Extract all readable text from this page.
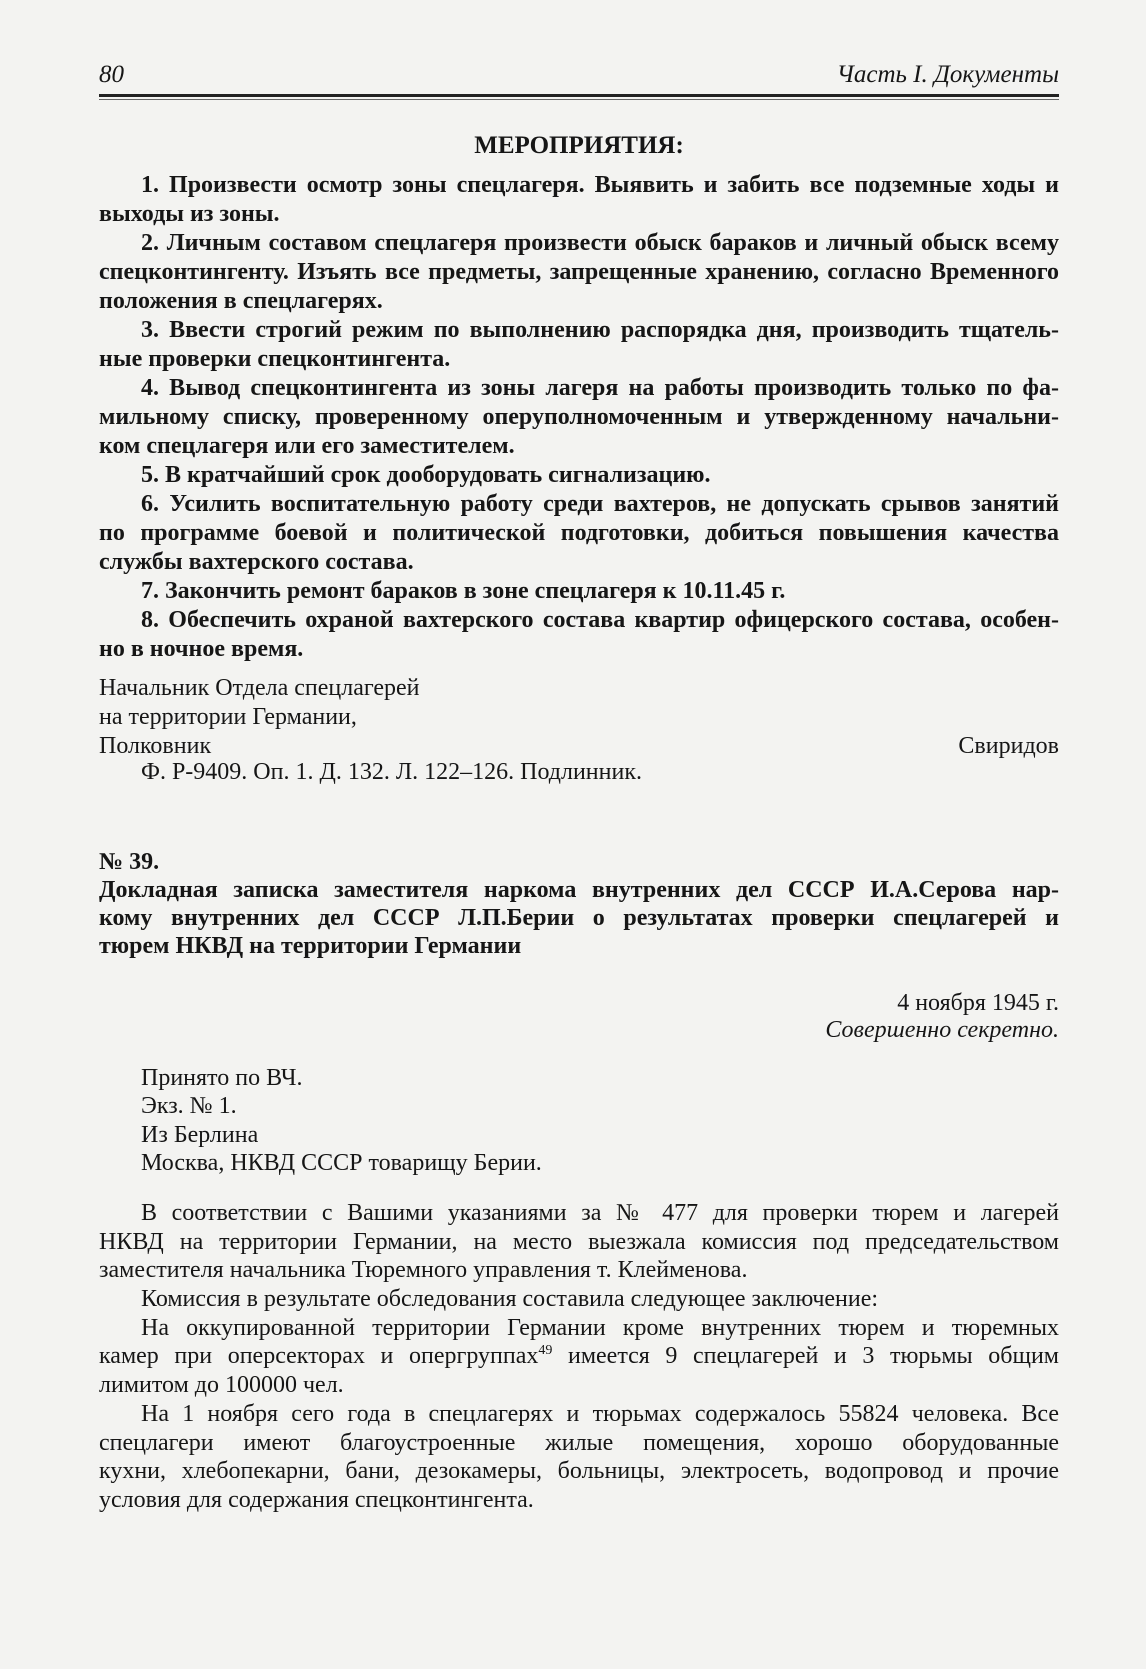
80	Часть I. Документы
МЕРОПРИЯТИЯ:
1. Произвести осмотр зоны спецлагеря. Выявить и забить все подземные ходы и
выходы из зоны.
2. Личным составом спецлагеря произвести обыск бараков и личный обыск всему
спецконтингенту. Изъять все предметы, запрещенные хранению, согласно Временного
положения в спецлагерях.
3. Ввести строгий режим по выполнению распорядка дня, производить тщатель-
ные проверки спецконтингента.
4. Вывод спецконтингента из зоны лагеря на работы производить только по фа-
мильному списку, проверенному оперуполномоченным и утвержденному начальни-
ком спецлагеря или его заместителем.
5. В кратчайший срок дооборудовать сигнализацию.
6. Усилить воспитательную работу среди вахтеров, не допускать срывов занятий
по программе боевой и политической подготовки, добиться повышения качества
службы вахтерского состава.
7. Закончить ремонт бараков в зоне спецлагеря к 10.11.45 г.
8. Обеспечить охраной вахтерского состава квартир офицерского состава, особен-
но в ночное время.
Начальник Отдела спецлагерей
на территории Германии,
Полковник	Свиридов
Ф. Р-9409. Оп. 1. Д. 132. Л. 122–126. Подлинник.
№ 39.
Докладная записка заместителя наркома внутренних дел СССР И.А.Серова нар-
кому внутренних дел СССР Л.П.Берии о результатах проверки спецлагерей и
тюрем НКВД на территории Германии
4 ноября 1945 г.
Совершенно секретно.
Принято по ВЧ.
Экз. № 1.
Из Берлина
Москва, НКВД СССР товарищу Берии.
В соответствии с Вашими указаниями за № 477 для проверки тюрем и лагерей
НКВД на территории Германии, на место выезжала комиссия под председательством
заместителя начальника Тюремного управления т. Клейменова.
Комиссия в результате обследования составила следующее заключение:
На оккупированной территории Германии кроме внутренних тюрем и тюремных
камер при оперсекторах и опергруппах$^{49}$ имеется 9 спецлагерей и 3 тюрьмы общим
лимитом до 100000 чел.
На 1 ноября сего года в спецлагерях и тюрьмах содержалось 55824 человека. Все
спецлагери имеют благоустроенные жилые помещения, хорошо оборудованные
кухни, хлебопекарни, бани, дезокамеры, больницы, электросеть, водопровод и прочие
условия для содержания спецконтингента.
